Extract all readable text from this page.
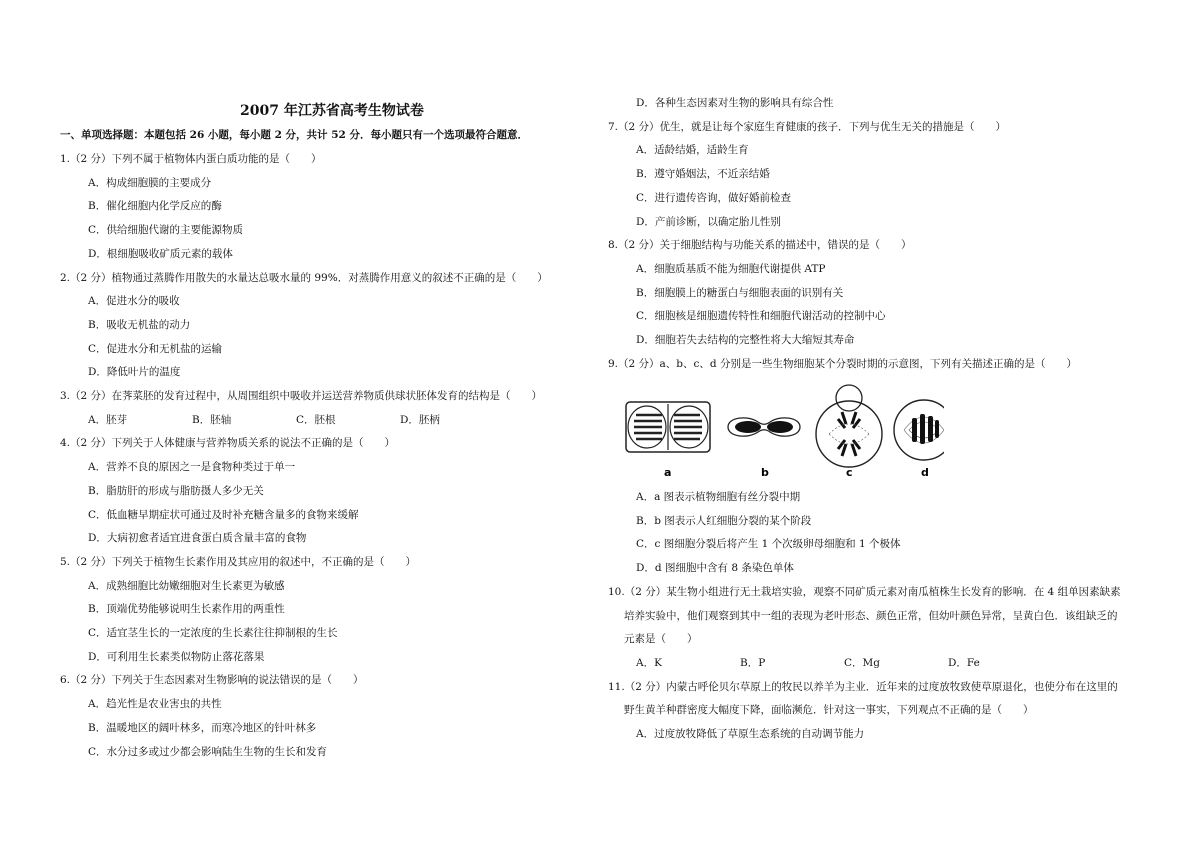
2007 年江苏省高考生物试卷
一、单项选择题：本题包括 26 小题，每小题 2 分，共计 52 分．每小题只有一个选项最符合题意．
1.（2 分）下列不属于植物体内蛋白质功能的是（　　）
A．构成细胞膜的主要成分
B．催化细胞内化学反应的酶
C．供给细胞代谢的主要能源物质
D．根细胞吸收矿质元素的载体
2.（2 分）植物通过蒸腾作用散失的水量达总吸水量的 99%．对蒸腾作用意义的叙述不正确的是（　　）
A．促进水分的吸收
B．吸收无机盐的动力
C．促进水分和无机盐的运输
D．降低叶片的温度
3.（2 分）在荠菜胚的发育过程中，从周围组织中吸收并运送营养物质供球状胚体发育的结构是（　　）
A．胚芽	B．胚轴	C．胚根	D．胚柄
4.（2 分）下列关于人体健康与营养物质关系的说法不正确的是（　　）
A．营养不良的原因之一是食物种类过于单一
B．脂肪肝的形成与脂肪摄人多少无关
C．低血糖早期症状可通过及时补充糖含量多的食物来缓解
D．大病初愈者适宜进食蛋白质含量丰富的食物
5.（2 分）下列关于植物生长素作用及其应用的叙述中，不正确的是（　　）
A．成熟细胞比幼嫩细胞对生长素更为敏感
B．顶端优势能够说明生长素作用的两重性
C．适宜茎生长的一定浓度的生长素往往抑制根的生长
D．可利用生长素类似物防止落花落果
6.（2 分）下列关于生态因素对生物影响的说法错误的是（　　）
A．趋光性是农业害虫的共性
B．温暖地区的阔叶林多，而寒冷地区的针叶林多
C．水分过多或过少都会影响陆生生物的生长和发育
a	b	c	d
D．各种生态因素对生物的影响具有综合性
7.（2 分）优生，就是让每个家庭生育健康的孩子．下列与优生无关的措施是（　　）
A．适龄结婚，适龄生育
B．遵守婚姻法，不近亲结婚
C．进行遗传咨询，做好婚前检查
D．产前诊断，以确定胎儿性别
8.（2 分）关于细胞结构与功能关系的描述中，错误的是（　　）
A．细胞质基质不能为细胞代谢提供 ATP
B．细胞膜上的糖蛋白与细胞表面的识别有关
C．细胞核是细胞遗传特性和细胞代谢活动的控制中心
D．细胞若失去结构的完整性将大大缩短其寿命
9.（2 分）a、b、c、d 分别是一些生物细胞某个分裂时期的示意图，下列有关描述正确的是（　　）
A．a 图表示植物细胞有丝分裂中期
B．b 图表示人红细胞分裂的某个阶段
C．c 图细胞分裂后将产生 1 个次级卵母细胞和 1 个极体
D．d 图细胞中含有 8 条染色单体
10.（2 分）某生物小组进行无土栽培实验，观察不同矿质元素对南瓜植株生长发育的影响．在 4 组单因素缺素
培养实验中，他们观察到其中一组的表现为老叶形态、颜色正常，但幼叶颜色异常，呈黄白色．该组缺乏的
元素是（　　）
A．K	B．P	C．Mg	D．Fe
11.（2 分）内蒙古呼伦贝尔草原上的牧民以养羊为主业．近年来的过度放牧致使草原退化，也使分布在这里的
野生黄羊种群密度大幅度下降，面临濒危．针对这一事实，下列观点不正确的是（　　）
A．过度放牧降低了草原生态系统的自动调节能力
